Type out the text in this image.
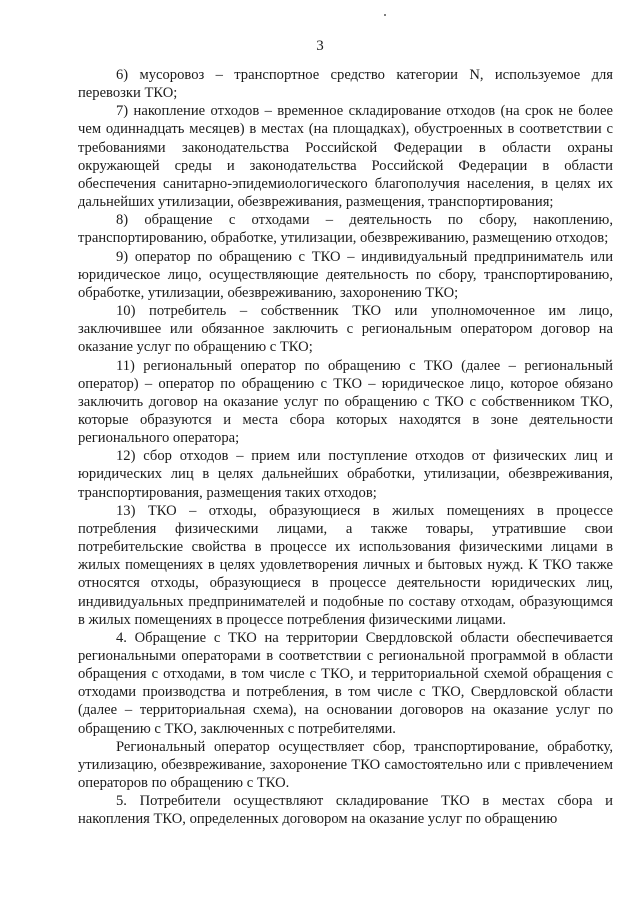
3

6) мусоровоз – транспортное средство категории N, используемое для перевозки ТКО;

7) накопление отходов – временное складирование отходов (на срок не более чем одиннадцать месяцев) в местах (на площадках), обустроенных в соответствии с требованиями законодательства Российской Федерации в области охраны окружающей среды и законодательства Российской Федерации в области обеспечения санитарно-эпидемиологического благополучия населения, в целях их дальнейших утилизации, обезвреживания, размещения, транспортирования;

8) обращение с отходами – деятельность по сбору, накоплению, транспортированию, обработке, утилизации, обезвреживанию, размещению отходов;

9) оператор по обращению с ТКО – индивидуальный предприниматель или юридическое лицо, осуществляющие деятельность по сбору, транспортированию, обработке, утилизации, обезвреживанию, захоронению ТКО;

10) потребитель – собственник ТКО или уполномоченное им лицо, заключившее или обязанное заключить с региональным оператором договор на оказание услуг по обращению с ТКО;

11) региональный оператор по обращению с ТКО (далее – региональный оператор) – оператор по обращению с ТКО – юридическое лицо, которое обязано заключить договор на оказание услуг по обращению с ТКО с собственником ТКО, которые образуются и места сбора которых находятся в зоне деятельности регионального оператора;

12) сбор отходов – прием или поступление отходов от физических лиц и юридических лиц в целях дальнейших обработки, утилизации, обезвреживания, транспортирования, размещения таких отходов;

13) ТКО – отходы, образующиеся в жилых помещениях в процессе потребления физическими лицами, а также товары, утратившие свои потребительские свойства в процессе их использования физическими лицами в жилых помещениях в целях удовлетворения личных и бытовых нужд. К ТКО также относятся отходы, образующиеся в процессе деятельности юридических лиц, индивидуальных предпринимателей и подобные по составу отходам, образующимся в жилых помещениях в процессе потребления физическими лицами.

4. Обращение с ТКО на территории Свердловской области обеспечивается региональными операторами в соответствии с региональной программой в области обращения с отходами, в том числе с ТКО, и территориальной схемой обращения с отходами производства и потребления, в том числе с ТКО, Свердловской области (далее – территориальная схема), на основании договоров на оказание услуг по обращению с ТКО, заключенных с потребителями.

Региональный оператор осуществляет сбор, транспортирование, обработку, утилизацию, обезвреживание, захоронение ТКО самостоятельно или с привлечением операторов по обращению с ТКО.

5. Потребители осуществляют складирование ТКО в местах сбора и накопления ТКО, определенных договором на оказание услуг по обращению
